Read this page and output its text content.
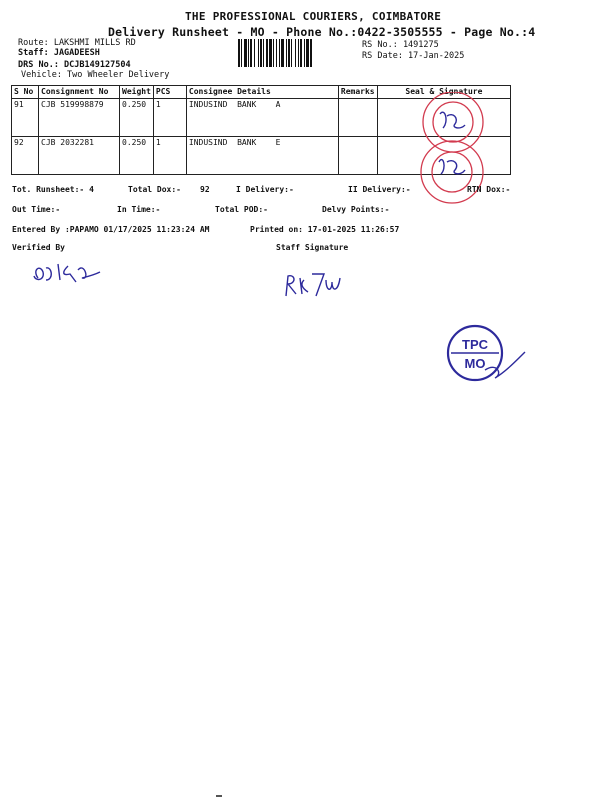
THE PROFESSIONAL COURIERS, COIMBATORE
Delivery Runsheet - MO - Phone No.:0422-3505555 - Page No.:4
Route: LAKSHMI MILLS RD
Staff: JAGADEESH
DRS No.: DCJB149127504
Vehicle: Two Wheeler Delivery
RS No.: 1491275
RS Date: 17-Jan-2025
S No	Consignment No	Weight	PCS	Consignee Details	Remarks	Seal & Signature
91	CJB 519998879	0.250	1	INDUSIND  BANK    A		
92	CJB 2032281	0.250	1	INDUSIND  BANK    E		
Tot. Runsheet:- 4	Total Dox:- 92	I Delivery:-	II Delivery:-	RTN Dox:-
Out Time:-	In Time:-	Total POD:-	Delvy Points:-
Entered By :PAPAMO 01/17/2025 11:23:24 AM	Printed on: 17-01-2025 11:26:57
Verified By	Staff Signature
TPC
MO
